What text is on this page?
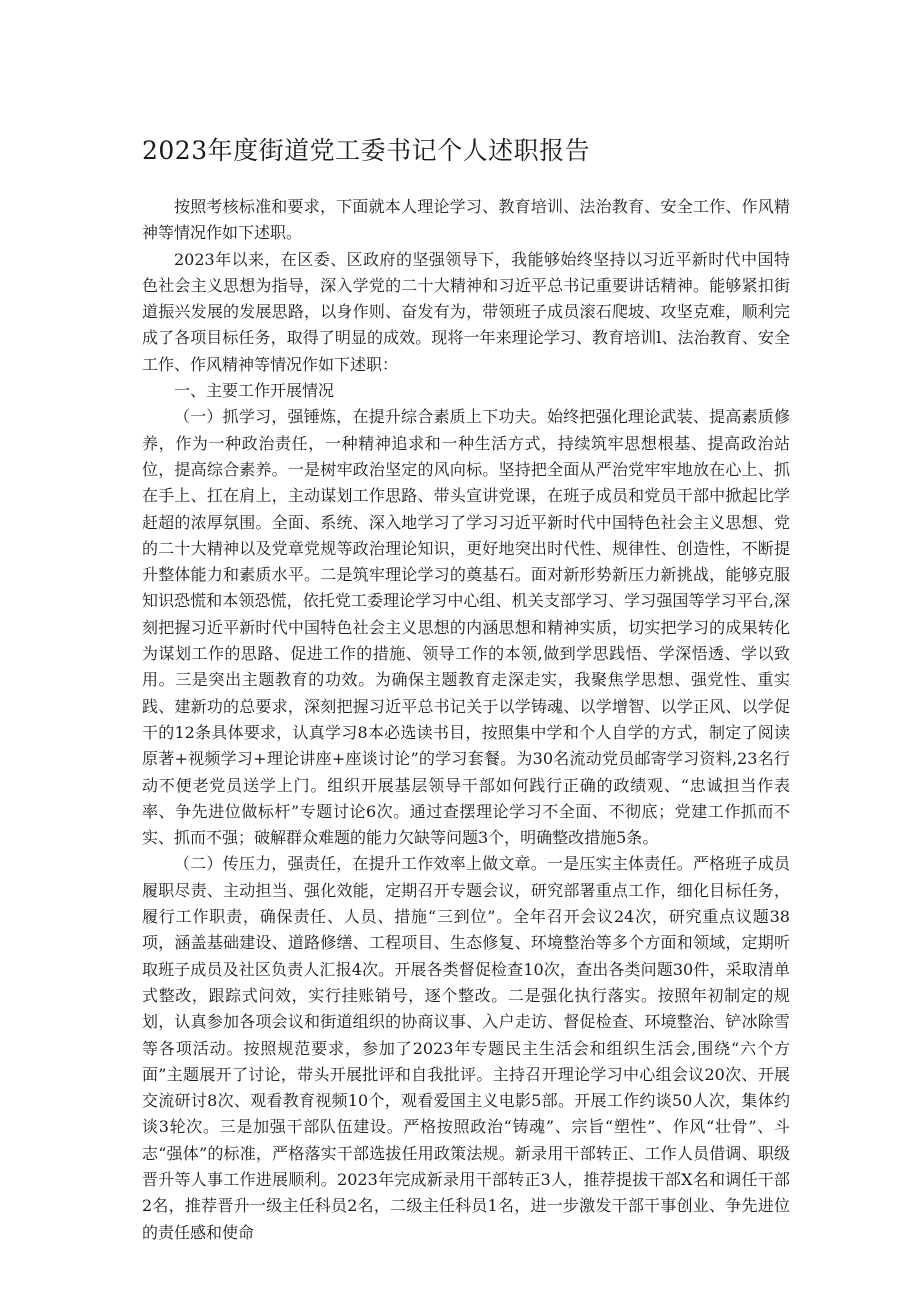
2023年度街道党工委书记个人述职报告

按照考核标准和要求，下面就本人理论学习、教育培训、法治教育、安全工作、作风精神等情况作如下述职。

2023年以来，在区委、区政府的坚强领导下，我能够始终坚持以习近平新时代中国特色社会主义思想为指导，深入学党的二十大精神和习近平总书记重要讲话精神。能够紧扣街道振兴发展的发展思路，以身作则、奋发有为，带领班子成员滚石爬坡、攻坚克难，顺利完成了各项目标任务，取得了明显的成效。现将一年来理论学习、教育培训l、法治教育、安全工作、作风精神等情况作如下述职：

一、主要工作开展情况

（一）抓学习，强锤炼，在提升综合素质上下功夫。始终把强化理论武装、提高素质修养，作为一种政治责任，一种精神追求和一种生活方式，持续筑牢思想根基、提高政治站位，提高综合素养。一是树牢政治坚定的风向标。坚持把全面从严治党牢牢地放在心上、抓在手上、扛在肩上，主动谋划工作思路、带头宣讲党课，在班子成员和党员干部中掀起比学赶超的浓厚氛围。全面、系统、深入地学习了学习习近平新时代中国特色社会主义思想、党的二十大精神以及党章党规等政治理论知识，更好地突出时代性、规律性、创造性，不断提升整体能力和素质水平。二是筑牢理论学习的奠基石。面对新形势新压力新挑战，能够克服知识恐慌和本领恐慌，依托党工委理论学习中心组、机关支部学习、学习强国等学习平台,深刻把握习近平新时代中国特色社会主义思想的内涵思想和精神实质，切实把学习的成果转化为谋划工作的思路、促进工作的措施、领导工作的本领,做到学思践悟、学深悟透、学以致用。三是突出主题教育的功效。为确保主题教育走深走实，我聚焦学思想、强党性、重实践、建新功的总要求，深刻把握习近平总书记关于以学铸魂、以学增智、以学正风、以学促干的12条具体要求，认真学习8本必选读书目，按照集中学和个人自学的方式，制定了阅读原著+视频学习+理论讲座+座谈讨论”的学习套餐。为30名流动党员邮寄学习资料,23名行动不便老党员送学上门。组织开展基层领导干部如何践行正确的政绩观、“忠诚担当作表率、争先进位做标杆”专题讨论6次。通过查摆理论学习不全面、不彻底；党建工作抓而不实、抓而不强；破解群众难题的能力欠缺等问题3个，明确整改措施5条。

（二）传压力，强责任，在提升工作效率上做文章。一是压实主体责任。严格班子成员履职尽责、主动担当、强化效能，定期召开专题会议，研究部署重点工作，细化目标任务，履行工作职责，确保责任、人员、措施“三到位”。全年召开会议24次，研究重点议题38项，涵盖基础建设、道路修缮、工程项目、生态修复、环境整治等多个方面和领域，定期听取班子成员及社区负责人汇报4次。开展各类督促检查10次，查出各类问题30件，采取清单式整改，跟踪式问效，实行挂账销号，逐个整改。二是强化执行落实。按照年初制定的规划，认真参加各项会议和街道组织的协商议事、入户走访、督促检查、环境整治、铲冰除雪等各项活动。按照规范要求，参加了2023年专题民主生活会和组织生活会,围绕“六个方面”主题展开了讨论，带头开展批评和自我批评。主持召开理论学习中心组会议20次、开展交流研讨8次、观看教育视频10个，观看爱国主义电影5部。开展工作约谈50人次，集体约谈3轮次。三是加强干部队伍建设。严格按照政治“铸魂”、宗旨“塑性”、作风“壮骨”、斗志“强体”的标准，严格落实干部选拔任用政策法规。新录用干部转正、工作人员借调、职级晋升等人事工作进展顺利。2023年完成新录用干部转正3人，推荐提拔干部X名和调任干部2名，推荐晋升一级主任科员2名，二级主任科员1名，进一步激发干部干事创业、争先进位的责任感和使命
